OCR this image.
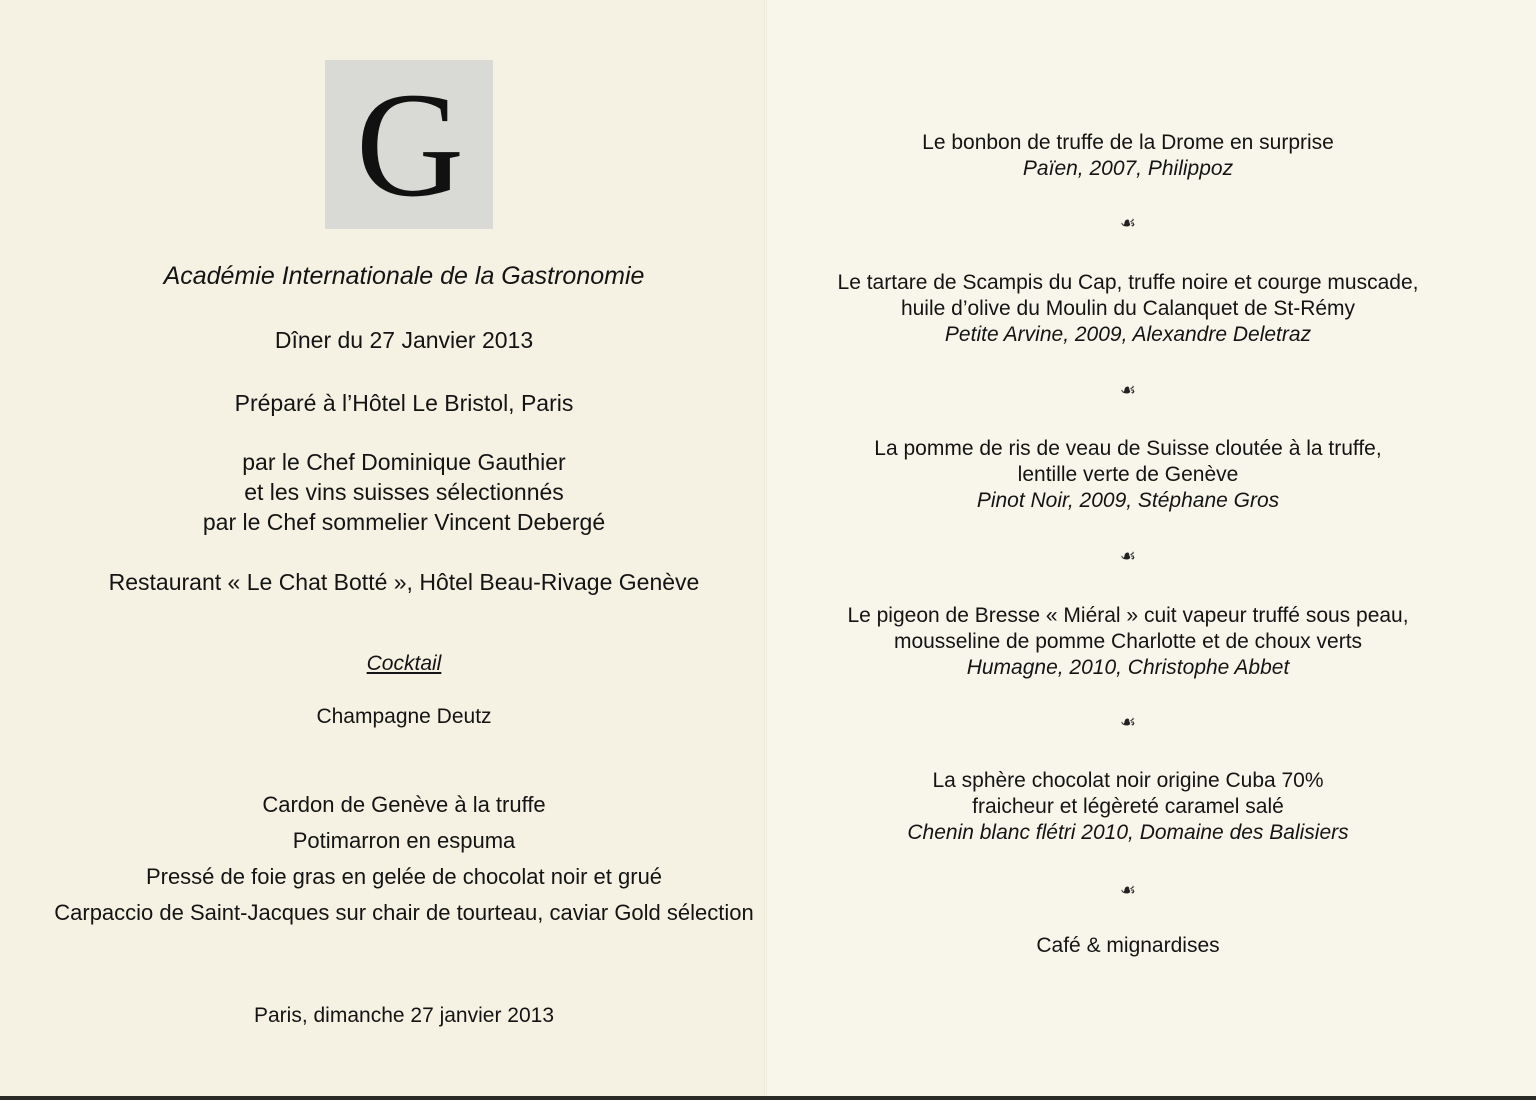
G
Académie Internationale de la Gastronomie
Dîner du 27 Janvier 2013
Préparé à l’Hôtel Le Bristol, Paris
par le Chef Dominique Gauthier
et les vins suisses sélectionnés
par le Chef sommelier Vincent Debergé
Restaurant « Le Chat Botté », Hôtel Beau-Rivage Genève
Cocktail
Champagne Deutz
Cardon de Genève à la truffe
Potimarron en espuma
Pressé de foie gras en gelée de chocolat noir et grué
Carpaccio de Saint-Jacques sur chair de tourteau, caviar Gold sélection
Paris, dimanche 27 janvier 2013
Le bonbon de truffe de la Drome en surprise
Païen, 2007, Philippoz
☙
Le tartare de Scampis du Cap, truffe noire et courge muscade,
huile d’olive du Moulin du Calanquet de St-Rémy
Petite Arvine, 2009, Alexandre Deletraz
☙
La pomme de ris de veau de Suisse cloutée à la truffe,
lentille verte de Genève
Pinot Noir, 2009, Stéphane Gros
☙
Le pigeon de Bresse « Miéral » cuit vapeur truffé sous peau,
mousseline de pomme Charlotte et de choux verts
Humagne, 2010, Christophe Abbet
☙
La sphère chocolat noir origine Cuba 70%
fraicheur et légèreté caramel salé
Chenin blanc flétri 2010, Domaine des Balisiers
☙
Café & mignardises
